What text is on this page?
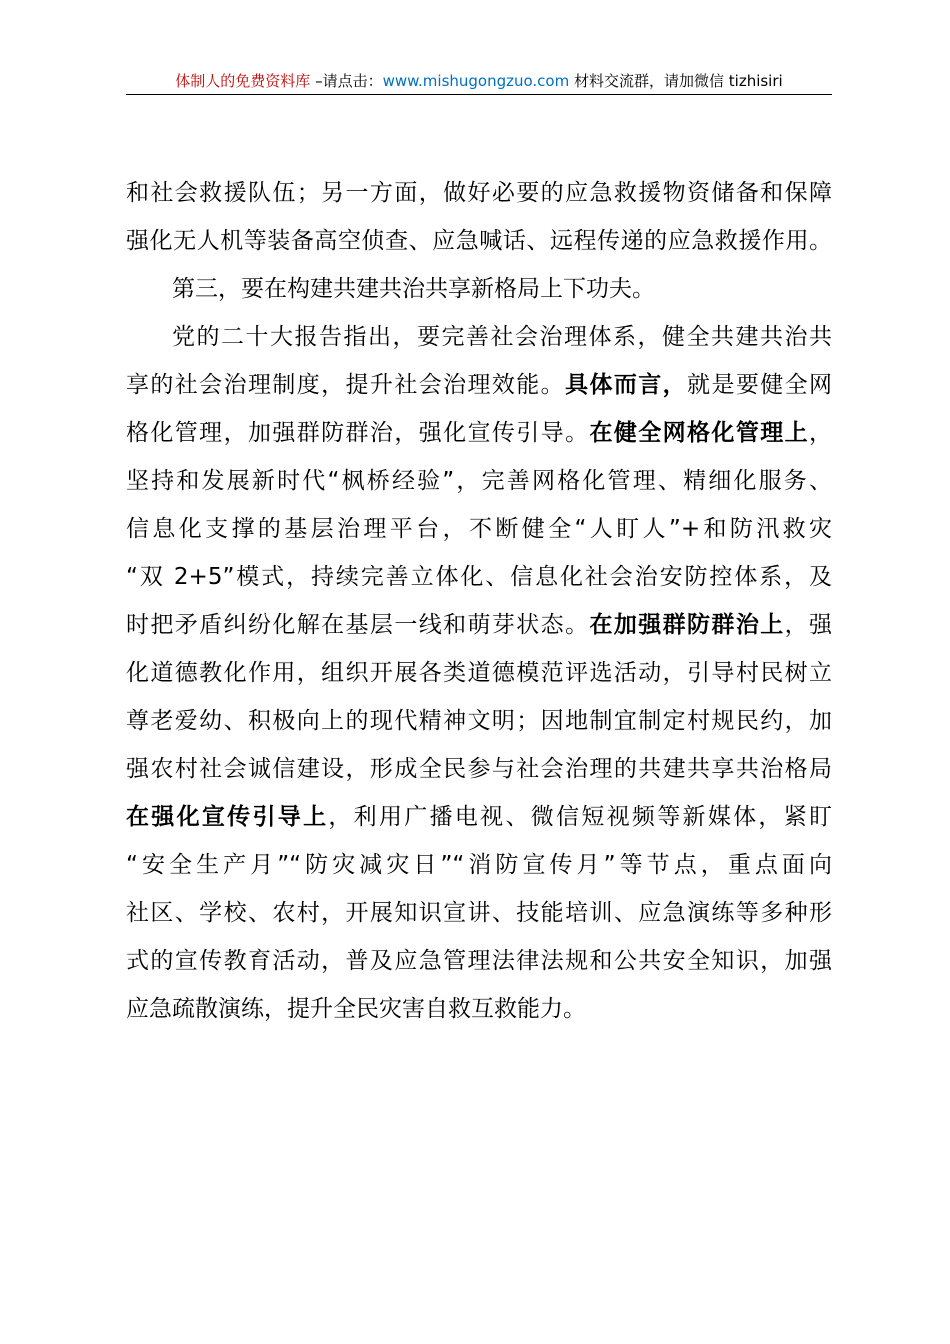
体制人的免费资料库 –请点击：www.mishugongzuo.com 材料交流群，请加微信 tizhisiri
和社会救援队伍；另一方面，做好必要的应急救援物资储备和保障
强化无人机等装备高空侦查、应急喊话、远程传递的应急救援作用。
第三，要在构建共建共治共享新格局上下功夫。
党的二十大报告指出，要完善社会治理体系，健全共建共治共
享的社会治理制度，提升社会治理效能。具体而言，就是要健全网
格化管理，加强群防群治，强化宣传引导。在健全网格化管理上，
坚持和发展新时代“枫桥经验”，完善网格化管理、精细化服务、
信息化支撑的基层治理平台，不断健全“人盯人”+和防汛救灾
“双 2+5”模式，持续完善立体化、信息化社会治安防控体系，及
时把矛盾纠纷化解在基层一线和萌芽状态。在加强群防群治上，强
化道德教化作用，组织开展各类道德模范评选活动，引导村民树立
尊老爱幼、积极向上的现代精神文明；因地制宜制定村规民约，加
强农村社会诚信建设，形成全民参与社会治理的共建共享共治格局
在强化宣传引导上，利用广播电视、微信短视频等新媒体，紧盯
“安全生产月”“防灾减灾日”“消防宣传月”等节点，重点面向
社区、学校、农村，开展知识宣讲、技能培训、应急演练等多种形
式的宣传教育活动，普及应急管理法律法规和公共安全知识，加强
应急疏散演练，提升全民灾害自救互救能力。
